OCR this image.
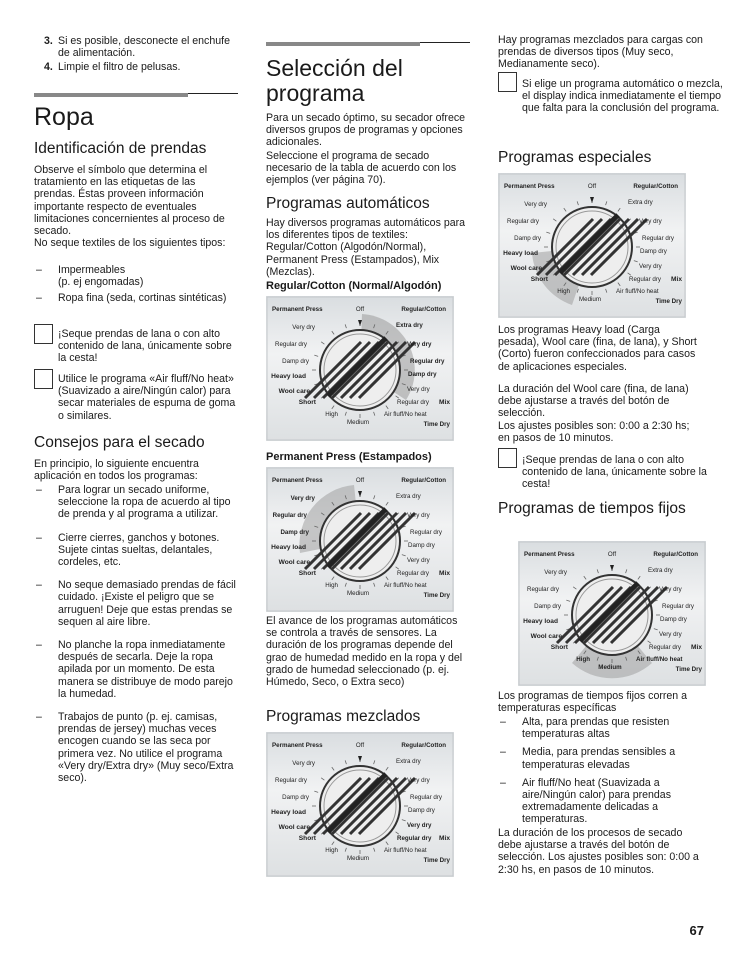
3. Si es posible, desconecte el enchufe de alimentación.
4. Limpie el filtro de pelusas.
Ropa
Identificación de prendas

Observe el símbolo que determina el tratamiento en las etiquetas de las prendas. Éstas proveen información importante respecto de eventuales limitaciones concernientes al proceso de secado.

No seque textiles de los siguientes tipos:

– Impermeables
(p. ej engomadas)
– Ropa fina (seda, cortinas sintéticas)

¡Seque prendas de lana o con alto contenido de lana, únicamente sobre la cesta!

Utilice le programa «Air fluff/No heat» (Suavizado a aire/Ningún calor) para secar materiales de espuma de goma o similares.

Consejos para el secado

En principio, lo siguiente encuentra aplicación en todos los programas:

– Para lograr un secado uniforme, seleccione la ropa de acuerdo al tipo de prenda y al programa a utilizar.
– Cierre cierres, ganchos y botones. Sujete cintas sueltas, delantales, cordeles, etc.
– No seque demasiado prendas de fácil cuidado. ¡Existe el peligro que se arruguen! Deje que estas prendas se sequen al aire libre.
– No planche la ropa inmediatamente después de secarla. Deje la ropa apilada por un momento. De esta manera se distribuye de modo parejo la humedad.
– Trabajos de punto (p. ej. camisas, prendas de jersey) muchas veces encogen cuando se las seca por primera vez. No utilice el programa «Very dry/Extra dry» (Muy seco/Extra seco).
Selección del programa

Para un secado óptimo, su secador ofrece diversos grupos de programas y opciones adicionales.

Seleccione el programa de secado necesario de la tabla de acuerdo con los ejemplos (ver página 70).

Programas automáticos

Hay diversos programas automáticos para los diferentes tipos de textiles: Regular/Cotton (Algodón/Normal), Permanent Press (Estampados), Mix (Mezclas).

Regular/Cotton (Normal/Algodón)
Permanent Press	Off	Regular/Cotton
Very dry
Regular dry
Damp dry
Heavy load
Wool care
Short
High
Medium
Air fluff/No heat
Time Dry
Extra dry
Very dry
Regular dry
Damp dry
Very dry
Regular dry Mix
Permanent Press (Estampados)
Permanent Press	Off	Regular/Cotton
Very dry
Regular dry
Damp dry
Heavy load
Wool care
Short
High
Medium
Air fluff/No heat
Time Dry
Extra dry
Very dry
Regular dry
Damp dry
Very dry
Regular dry Mix

El avance de los programas automáticos se controla a través de sensores. La duración de los programas depende del grao de humedad medido en la ropa y del grado de humedad seleccionado (p. ej. Húmedo, Seco, o Extra seco)

Programas mezclados
Permanent Press	Off	Regular/Cotton
Very dry
Regular dry
Damp dry
Heavy load
Wool care
Short
High
Medium
Air fluff/No heat
Time Dry
Extra dry
Very dry
Regular dry
Damp dry
Very dry
Regular dry Mix

Hay programas mezclados para cargas con prendas de diversos tipos (Muy seco, Medianamente seco).

Si elige un programa automático o mezcla, el display indica inmediatamente el tiempo que falta para la conclusión del programa.

Programas especiales
Permanent Press	Off	Regular/Cotton
Very dry
Regular dry
Damp dry
Heavy load
Wool care
Short
High
Medium
Air fluff/No heat
Time Dry
Extra dry
Very dry
Regular dry
Damp dry
Very dry
Regular dry Mix

Los programas Heavy load (Carga pesada), Wool care (fina, de lana), y Short (Corto) fueron confeccionados para casos de aplicaciones especiales.

La duración del Wool care (fina, de lana) debe ajustarse a través del botón de selección.
Los ajustes posibles son: 0:00 a 2:30 hs; en pasos de 10 minutos.

¡Seque prendas de lana o con alto contenido de lana, únicamente sobre la cesta!

Programas de tiempos fijos
Permanent Press	Off	Regular/Cotton
Very dry
Regular dry
Damp dry
Heavy load
Wool care
Short
High
Medium
Air fluff/No heat
Time Dry
Extra dry
Very dry
Regular dry
Damp dry
Very dry
Regular dry Mix

Los programas de tiempos fijos corren a temperaturas específicas

– Alta, para prendas que resisten temperaturas altas
– Media, para prendas sensibles a temperaturas elevadas
– Air fluff/No heat (Suavizada a aire/Ningún calor) para prendas extremadamente delicadas a temperaturas.

La duración de los procesos de secado debe ajustarse a través del botón de selección. Los ajustes posibles son: 0:00 a 2:30 hs, en pasos de 10 minutos.

67
